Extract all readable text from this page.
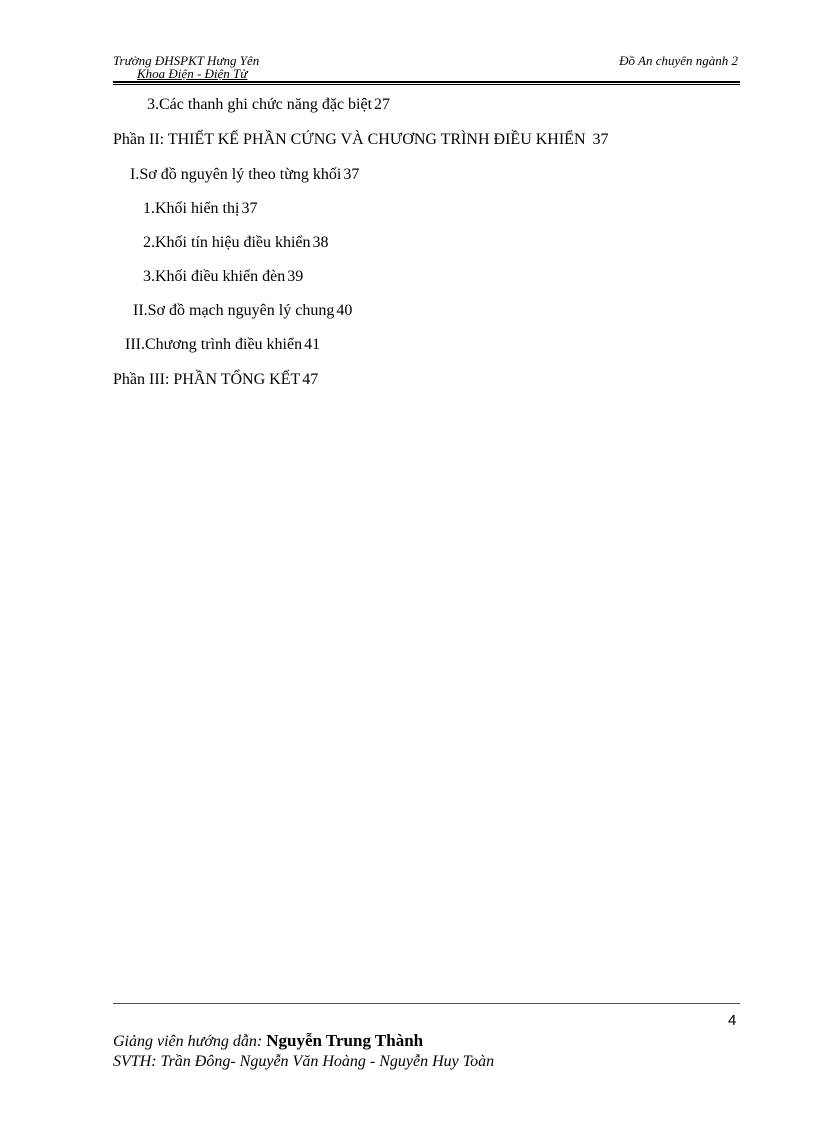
Trường ĐHSPKT Hưng Yên
Khoa Điện - Điện Tử
Đồ An chuyên ngành 2
3. Các thanh ghi chức năng đặc biệt 27
Phần II: THIẾT KẾ PHẦN CỨNG VÀ CHƯƠNG TRÌNH ĐIỀU KHIỂN 37
I. Sơ đồ nguyên lý theo từng khối 37
1. Khối hiển thị 37
2. Khối tín hiệu điều khiển 38
3. Khối điều khiển đèn 39
II. Sơ đồ mạch nguyên lý chung 40
III. Chương trình điều khiển 41
Phần III: PHẦN TỔNG KẾT 47
4
Giảng viên hướng dẫn: Nguyễn Trung Thành
SVTH: Trần Đông- Nguyễn Văn Hoàng - Nguyễn Huy Toàn
